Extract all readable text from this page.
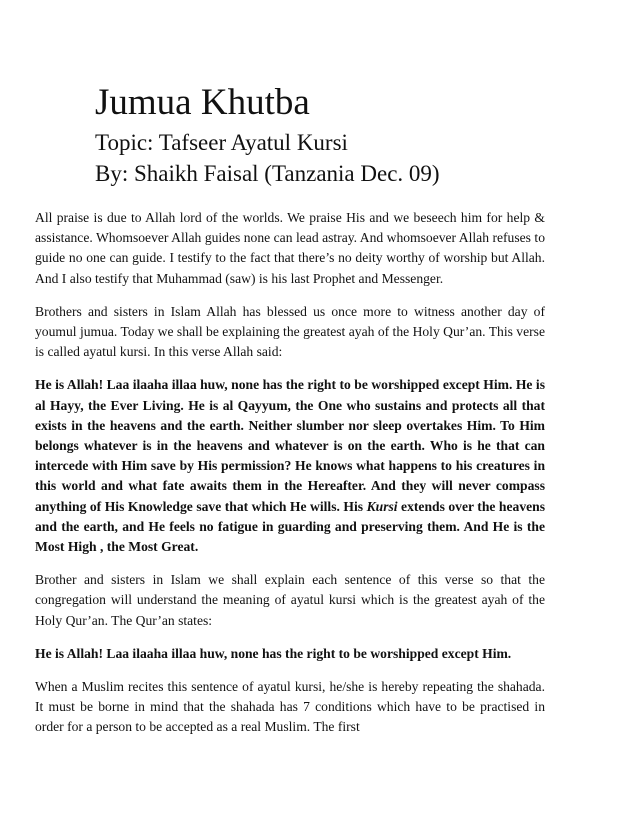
Jumua Khutba
Topic: Tafseer Ayatul Kursi
By: Shaikh Faisal (Tanzania Dec. 09)

All praise is due to Allah lord of the worlds. We praise His and we beseech him for help & assistance. Whomsoever Allah guides none can lead astray. And whomsoever Allah refuses to guide no one can guide. I testify to the fact that there’s no deity worthy of worship but Allah. And I also testify that Muhammad (saw) is his last Prophet and Messenger.

Brothers and sisters in Islam Allah has blessed us once more to witness another day of youmul jumua. Today we shall be explaining the greatest ayah of the Holy Qur’an. This verse is called ayatul kursi. In this verse Allah said:

He is Allah! Laa ilaaha illaa huw, none has the right to be worshipped except Him. He is al Hayy, the Ever Living. He is al Qayyum, the One who sustains and protects all that exists in the heavens and the earth. Neither slumber nor sleep overtakes Him. To Him belongs whatever is in the heavens and whatever is on the earth. Who is he that can intercede with Him save by His permission? He knows what happens to his creatures in this world and what fate awaits them in the Hereafter. And they will never compass anything of His Knowledge save that which He wills. His Kursi extends over the heavens and the earth, and He feels no fatigue in guarding and preserving them. And He is the Most High , the Most Great.

Brother and sisters in Islam we shall explain each sentence of this verse so that the congregation will understand the meaning of ayatul kursi which is the greatest ayah of the Holy Qur’an. The Qur’an states:

He is Allah! Laa ilaaha illaa huw, none has the right to be worshipped except Him.

When a Muslim recites this sentence of ayatul kursi, he/she is hereby repeating the shahada. It must be borne in mind that the shahada has 7 conditions which have to be practised in order for a person to be accepted as a real Muslim. The first
